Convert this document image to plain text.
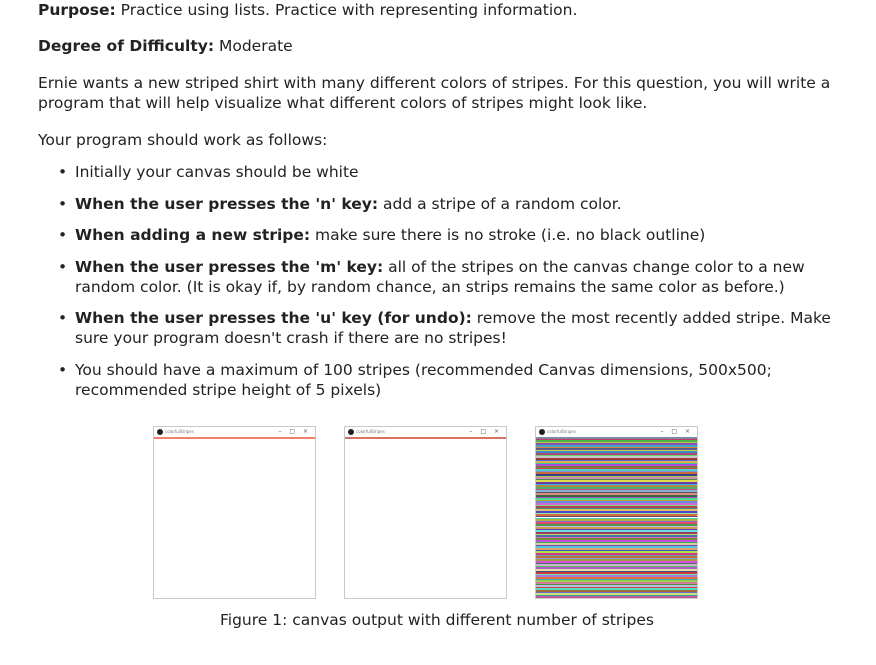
Purpose: Practice using lists. Practice with representing information.

Degree of Difficulty: Moderate

Ernie wants a new striped shirt with many different colors of stripes. For this question, you will write a
program that will help visualize what different colors of stripes might look like.

Your program should work as follows:

• Initially your canvas should be white
• When the user presses the 'n' key: add a stripe of a random color.
• When adding a new stripe: make sure there is no stroke (i.e. no black outline)
• When the user presses the 'm' key: all of the stripes on the canvas change color to a new random color. (It is okay if, by random chance, an strips remains the same color as before.)
• When the user presses the 'u' key (for undo): remove the most recently added stripe. Make sure your program doesn't crash if there are no stripes!
• You should have a maximum of 100 stripes (recommended Canvas dimensions, 500x500; recommended stripe height of 5 pixels)
colorfulStripes	– □ ×	colorfulStripes	– □ ×	colorfulStripes	– □ ×

Figure 1: canvas output with different number of stripes
